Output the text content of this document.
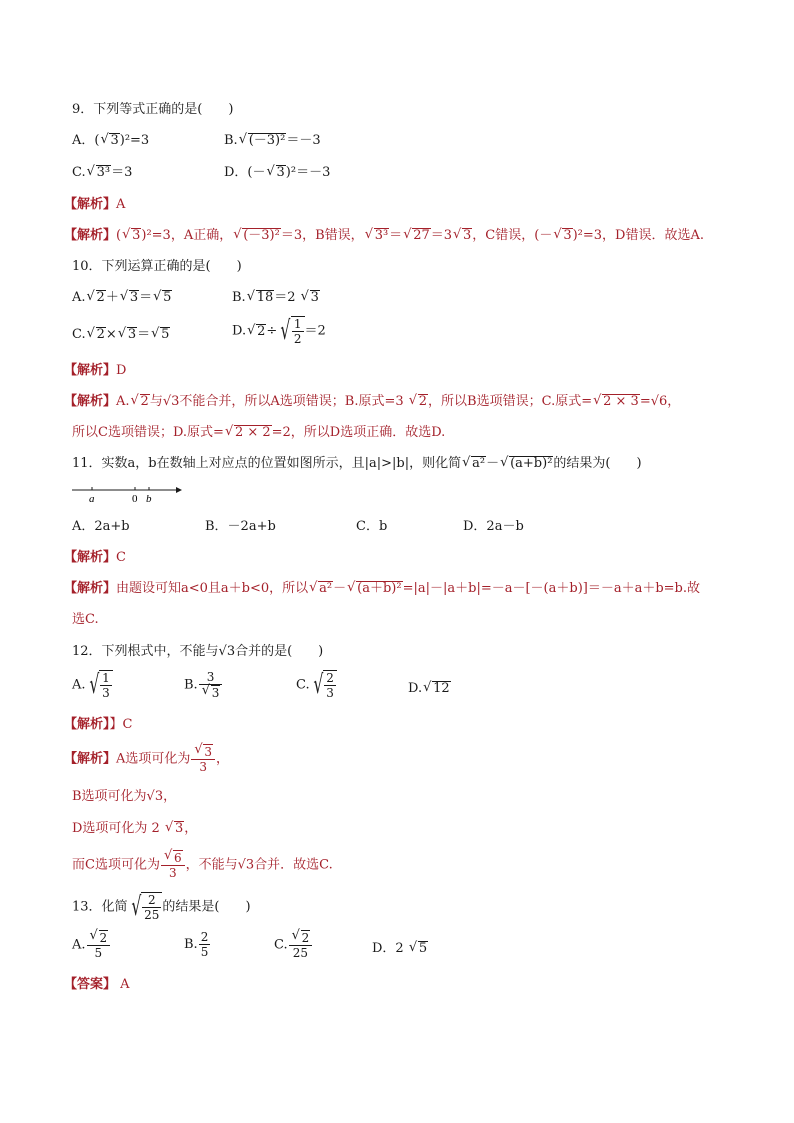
9．下列等式正确的是(　　)
A．( √ 3)²=3	B. √ (－3)²＝－3
C. √ 3³＝3	D．(－ √ 3)²＝－3
【解析】A
【解析】( √ 3)²=3，A正确， √ (－3)²＝3，B错误， √ 3³＝ √ 27＝3 √ 3，C错误，(－ √ 3)²=3，D错误．故选A.
10．下列运算正确的是(　　)
A. √ 2＋ √ 3＝ √ 5	B. √ 18＝2 √ 3
C. √ 2× √ 3＝ √ 5	D. √ 2÷ √ $\frac{1}{2} =2$
【解析】D
【解析】A. √ 2与√3不能合并，所以A选项错误；B.原式=3 √ 2，所以B选项错误；C.原式= √ 2 × 3=√6，
所以C选项错误；D.原式= √ 2 × 2=2，所以D选项正确．故选D.
11．实数a，b在数轴上对应点的位置如图所示，且|a|>|b|，则化简 √ a²－ √ (a+b)²的结果为(　　)
a	0 b
A．2a+b	B．－2a+b	C．b	D．2a－b
【解析】C
【解析】由题设可知a<0且a＋b<0，所以 √ a²－ √ (a＋b)²=|a|－|a＋b|=－a－[－(a＋b)]＝－a＋a＋b=b.故
选C.
12．下列根式中，不能与√3合并的是(　　)
A. √ $\frac{1}{3}$	B. 3
√ 3	C. √ $\frac{2}{3}$	D. √ 12
【解析】】C
【解析】A选项可化为 √ $\frac{3}{3}$ ，
B选项可化为√3，
D选项可化为 2 √ 3，
而C选项可化为 √ $\frac{6}{3}$ ，不能与√3合并．故选C.
13．化简 √ $\frac{2}{25}$ 的结果是(　　)
A. √ $\frac{2}{5}$	B. $\frac{2}{5}$	C. √ $\frac{2}{25}$	D．2 √ 5
【答案】 A
